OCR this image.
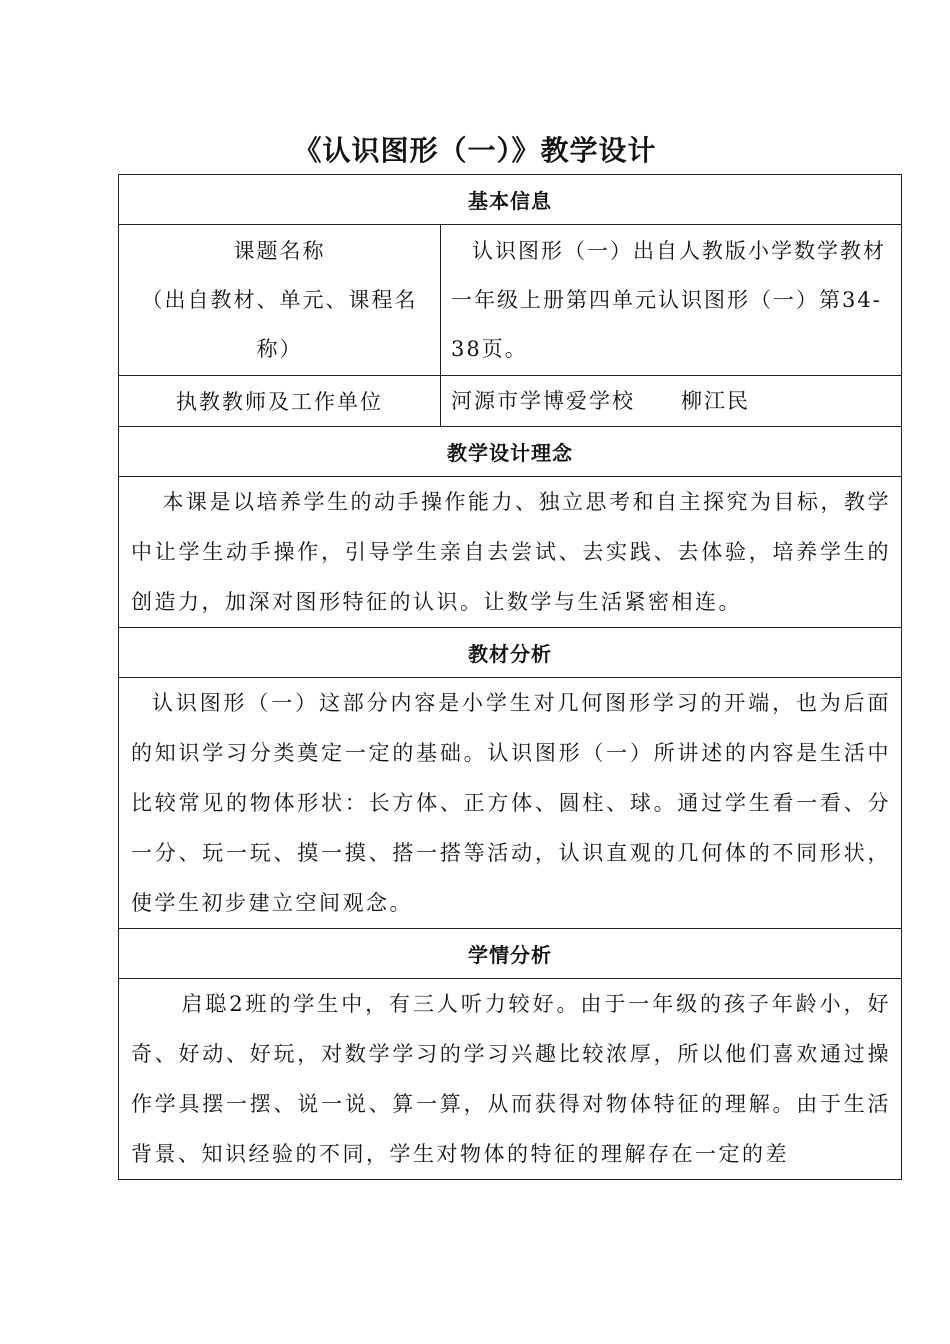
《认识图形（一）》教学设计
基本信息	

课题名称
（出自教材、单元、课程名
称）	认识图形（一）出自人教版小学数学教材一年级上册第四单元认识图形（一）第34-38页。
执教教师及工作单位	河源市学博爱学校　　柳江民
教学设计理念	

本课是以培养学生的动手操作能力、独立思考和自主探究为目标，教学中让学生动手操作，引导学生亲自去尝试、去实践、去体验，培养学生的创造力，加深对图形特征的认识。让数学与生活紧密相连。	

教材分析	

认识图形（一）这部分内容是小学生对几何图形学习的开端，也为后面的知识学习分类奠定一定的基础。认识图形（一）所讲述的内容是生活中比较常见的物体形状：长方体、正方体、圆柱、球。通过学生看一看、分一分、玩一玩、摸一摸、搭一搭等活动，认识直观的几何体的不同形状，使学生初步建立空间观念。	

学情分析	

启聪2班的学生中，有三人听力较好。由于一年级的孩子年龄小，好奇、好动、好玩，对数学学习的学习兴趣比较浓厚，所以他们喜欢通过操作学具摆一摆、说一说、算一算，从而获得对物体特征的理解。由于生活背景、知识经验的不同，学生对物体的特征的理解存在一定的差	
